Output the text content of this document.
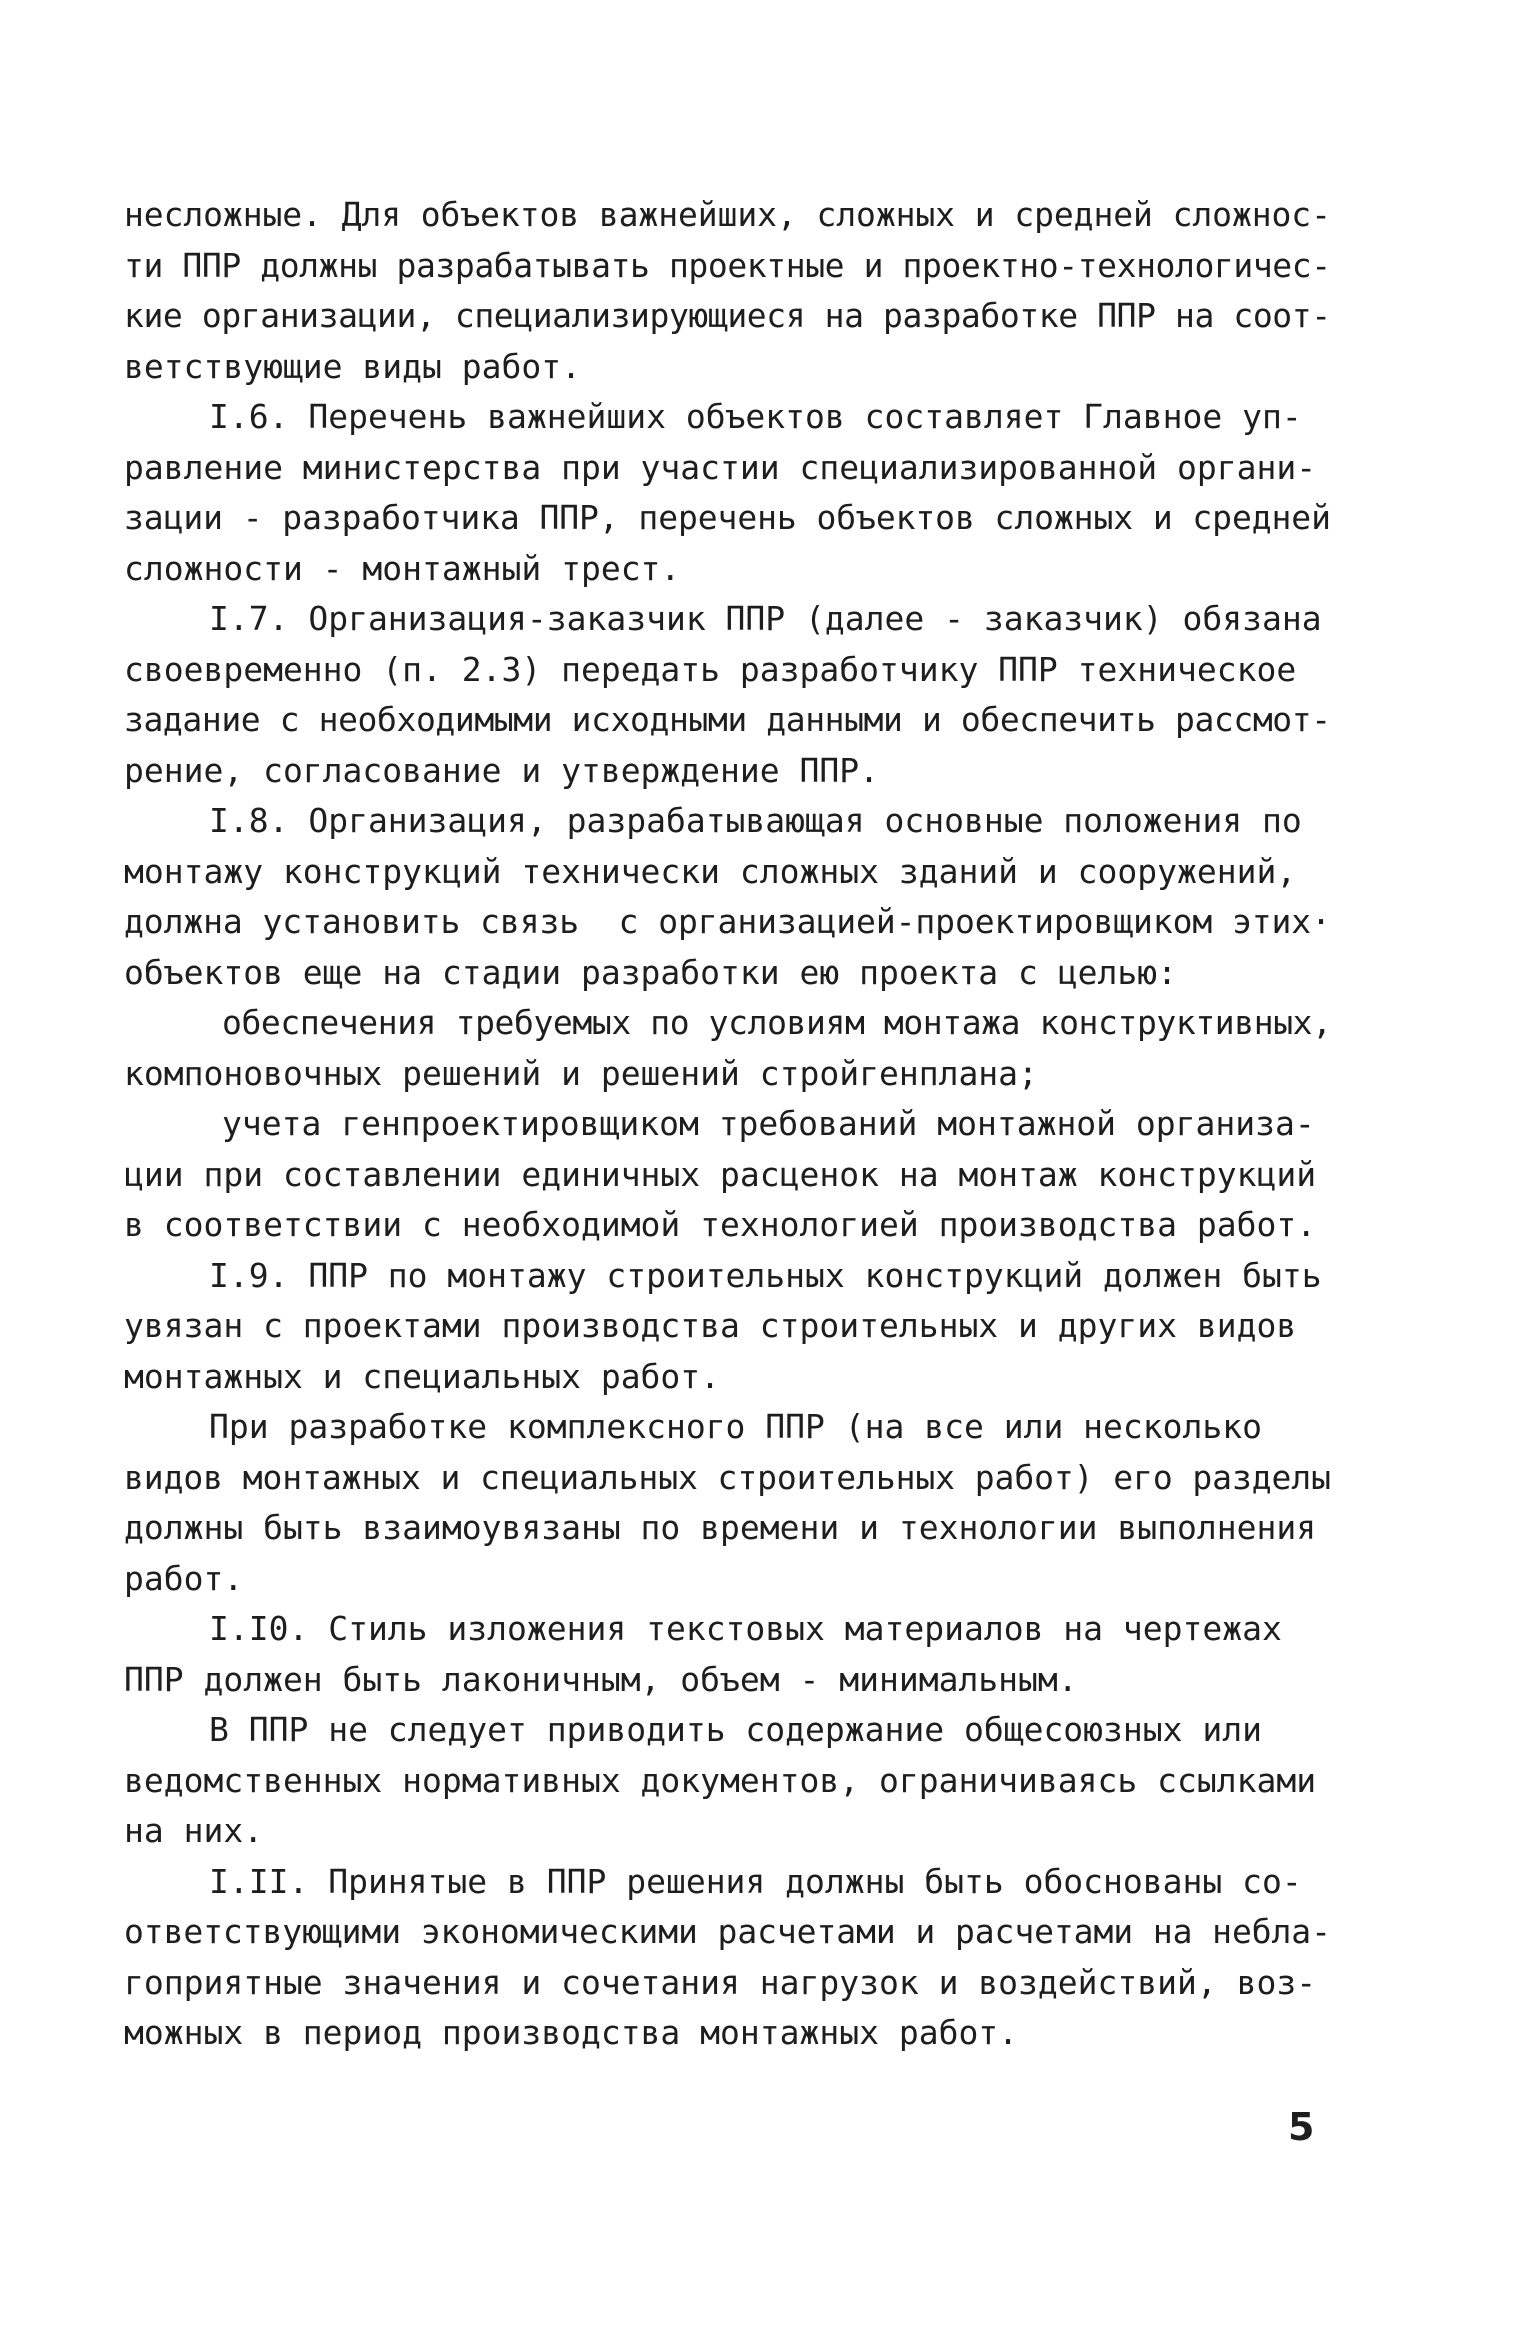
несложные. Для объектов важнейших, сложных и средней сложнос-
ти ППР должны разрабатывать проектные и проектно-технологичес-
кие организации, специализирующиеся на разработке ППР на соот-
ветствующие виды работ.
I.6. Перечень важнейших объектов составляет Главное уп-
равление министерства при участии специализированной органи-
зации - разработчика ППР, перечень объектов сложных и средней
сложности - монтажный трест.
I.7. Организация-заказчик ППР (далее - заказчик) обязана
своевременно (п. 2.3) передать разработчику ППР техническое
задание с необходимыми исходными данными и обеспечить рассмот-
рение, согласование и утверждение ППР.
I.8. Организация, разрабатывающая основные положения по
монтажу конструкций технически сложных зданий и сооружений,
должна установить связь  с организацией-проектировщиком этих·
объектов еще на стадии разработки ею проекта с целью:
обеспечения требуемых по условиям монтажа конструктивных,
компоновочных решений и решений стройгенплана;
учета генпроектировщиком требований монтажной организа-
ции при составлении единичных расценок на монтаж конструкций
в соответствии с необходимой технологией производства работ.
I.9. ППР по монтажу строительных конструкций должен быть
увязан с проектами производства строительных и других видов
монтажных и специальных работ.
При разработке комплексного ППР (на все или несколько
видов монтажных и специальных строительных работ) его разделы
должны быть взаимоувязаны по времени и технологии выполнения
работ.
I.I0. Стиль изложения текстовых материалов на чертежах
ППР должен быть лаконичным, объем - минимальным.
В ППР не следует приводить содержание общесоюзных или
ведомственных нормативных документов, ограничиваясь ссылками
на них.
I.II. Принятые в ППР решения должны быть обоснованы со-
ответствующими экономическими расчетами и расчетами на небла-
гоприятные значения и сочетания нагрузок и воздействий, воз-
можных в период производства монтажных работ.
5
